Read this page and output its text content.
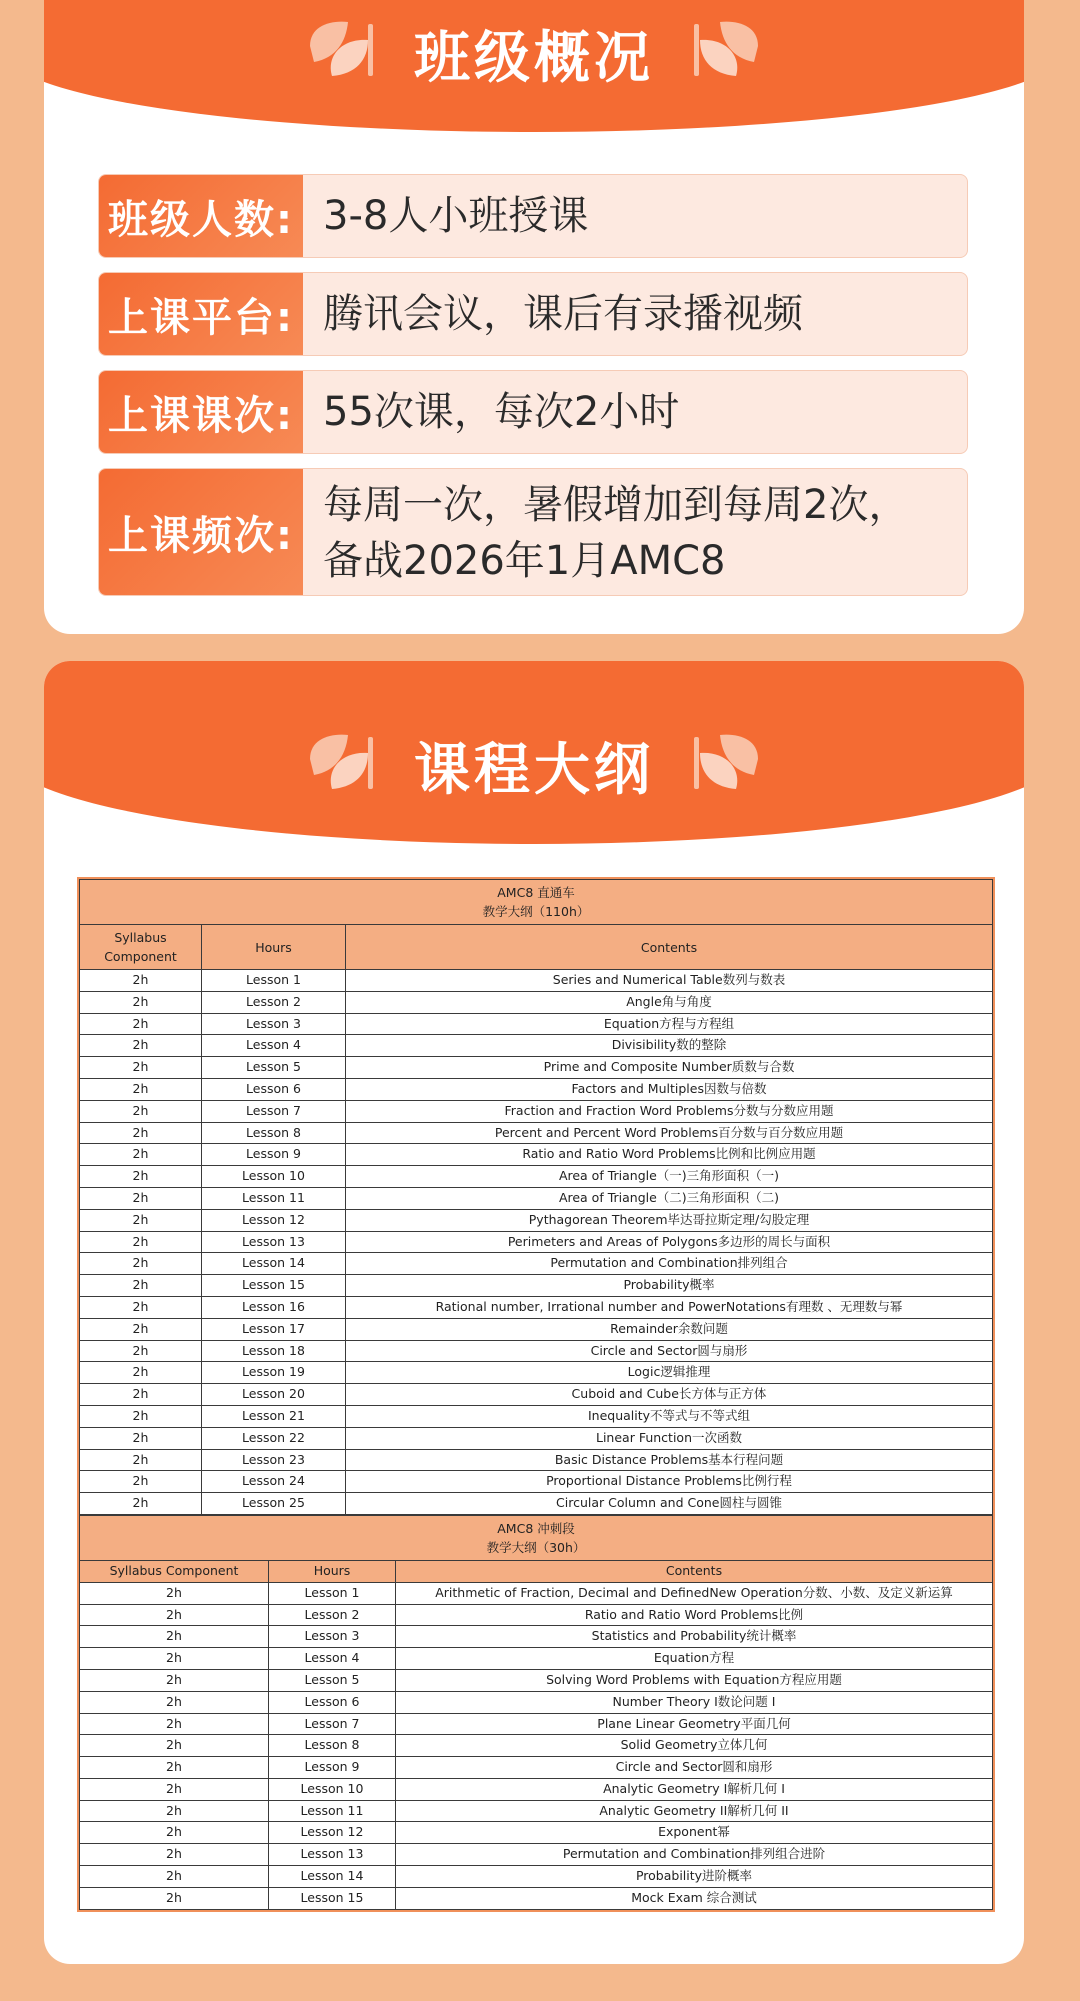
班级概况
班级人数: 3-8人小班授课
上课平台: 腾讯会议，课后有录播视频
上课课次: 55次课，每次2小时
上课频次:
每周一次，暑假增加到每周2次，
备战2026年1月AMC8
课程大纲
AMC8 直通车
教学大纲（110h）		
Syllabus Component	Hours	Contents
2h	Lesson 1	Series and Numerical Table数列与数表
2h	Lesson 2	Angle角与角度
2h	Lesson 3	Equation方程与方程组
2h	Lesson 4	Divisibility数的整除
2h	Lesson 5	Prime and Composite Number质数与合数
2h	Lesson 6	Factors and Multiples因数与倍数
2h	Lesson 7	Fraction and Fraction Word Problems分数与分数应用题
2h	Lesson 8	Percent and Percent Word Problems百分数与百分数应用题
2h	Lesson 9	Ratio and Ratio Word Problems比例和比例应用题
2h	Lesson 10	Area of Triangle（一)三角形面积（一)
2h	Lesson 11	Area of Triangle（二)三角形面积（二)
2h	Lesson 12	Pythagorean Theorem毕达哥拉斯定理/勾股定理
2h	Lesson 13	Perimeters and Areas of Polygons多边形的周长与面积
2h	Lesson 14	Permutation and Combination排列组合
2h	Lesson 15	Probability概率
2h	Lesson 16	Rational number, Irrational number and PowerNotations有理数 、无理数与幂
2h	Lesson 17	Remainder余数问题
2h	Lesson 18	Circle and Sector圆与扇形
2h	Lesson 19	Logic逻辑推理
2h	Lesson 20	Cuboid and Cube长方体与正方体
2h	Lesson 21	Inequality不等式与不等式组
2h	Lesson 22	Linear Function一次函数
2h	Lesson 23	Basic Distance Problems基本行程问题
2h	Lesson 24	Proportional Distance Problems比例行程
2h	Lesson 25	Circular Column and Cone圆柱与圆锥
AMC8 冲刺段
教学大纲（30h）		
Syllabus Component	Hours	Contents
2h	Lesson 1	Arithmetic of Fraction, Decimal and DefinedNew Operation分数、小数、及定义新运算
2h	Lesson 2	Ratio and Ratio Word Problems比例
2h	Lesson 3	Statistics and Probability统计概率
2h	Lesson 4	Equation方程
2h	Lesson 5	Solving Word Problems with Equation方程应用题
2h	Lesson 6	Number Theory I数论问题 I
2h	Lesson 7	Plane Linear Geometry平面几何
2h	Lesson 8	Solid Geometry立体几何
2h	Lesson 9	Circle and Sector圆和扇形
2h	Lesson 10	Analytic Geometry I解析几何 I
2h	Lesson 11	Analytic Geometry II解析几何 II
2h	Lesson 12	Exponent幂
2h	Lesson 13	Permutation and Combination排列组合进阶
2h	Lesson 14	Probability进阶概率
2h	Lesson 15	Mock Exam 综合测试
